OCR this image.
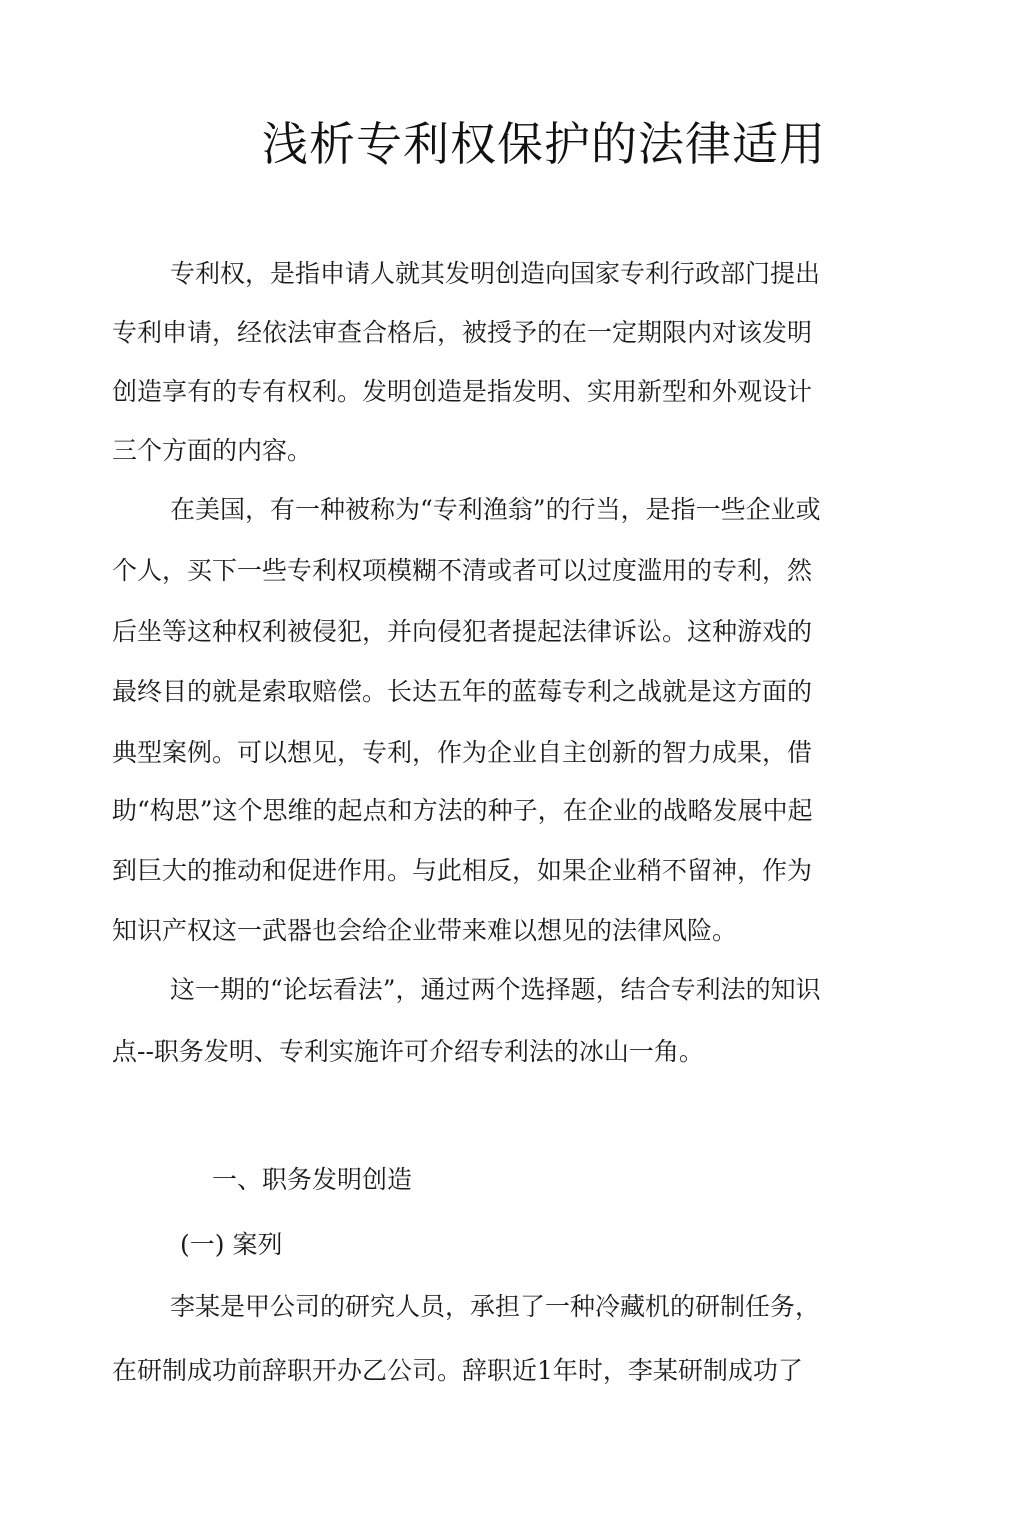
浅析专利权保护的法律适用
专利权，是指申请人就其发明创造向国家专利行政部门提出
专利申请，经依法审查合格后，被授予的在一定期限内对该发明
创造享有的专有权利。发明创造是指发明、实用新型和外观设计
三个方面的内容。
在美国，有一种被称为“专利渔翁”的行当，是指一些企业或
个人，买下一些专利权项模糊不清或者可以过度滥用的专利，然
后坐等这种权利被侵犯，并向侵犯者提起法律诉讼。这种游戏的
最终目的就是索取赔偿。长达五年的蓝莓专利之战就是这方面的
典型案例。可以想见，专利，作为企业自主创新的智力成果，借
助“构思”这个思维的起点和方法的种子，在企业的战略发展中起
到巨大的推动和促进作用。与此相反，如果企业稍不留神，作为
知识产权这一武器也会给企业带来难以想见的法律风险。
这一期的“论坛看法”，通过两个选择题，结合专利法的知识
点--职务发明、专利实施许可介绍专利法的冰山一角。
一、职务发明创造
(一) 案列
李某是甲公司的研究人员，承担了一种冷藏机的研制任务，
在研制成功前辞职开办乙公司。辞职近1年时，李某研制成功了
